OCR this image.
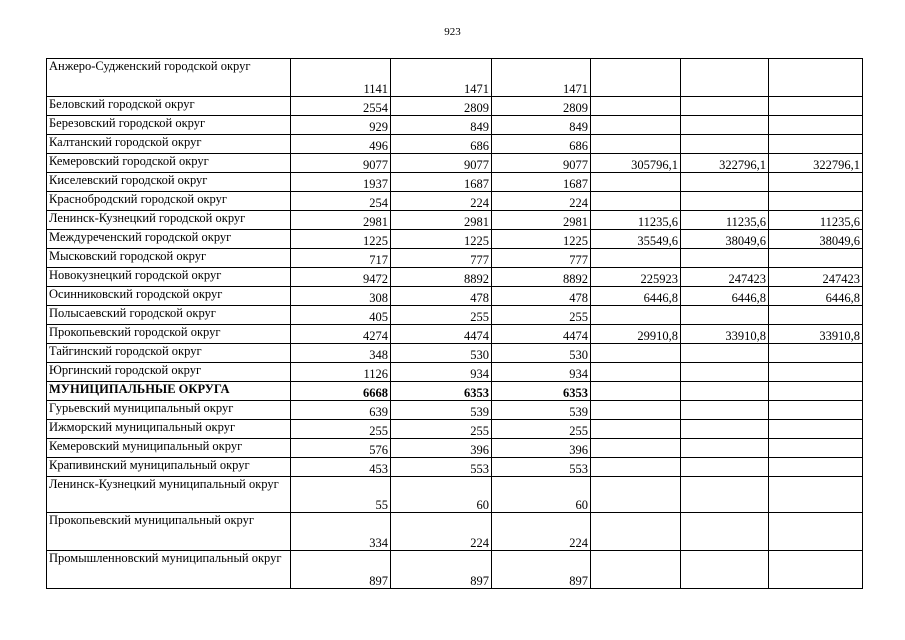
923
Анжеро-Судженский городской округ	1141	1471	1471			
Беловский городской округ	2554	2809	2809			
Березовский городской округ	929	849	849			
Калтанский городской округ	496	686	686			
Кемеровский городской округ	9077	9077	9077	305796,1	322796,1	322796,1
Киселевский городской округ	1937	1687	1687			
Краснобродский городской округ	254	224	224			
Ленинск-Кузнецкий городской округ	2981	2981	2981	11235,6	11235,6	11235,6
Междуреченский городской округ	1225	1225	1225	35549,6	38049,6	38049,6
Мысковский городской округ	717	777	777			
Новокузнецкий городской округ	9472	8892	8892	225923	247423	247423
Осинниковский городской округ	308	478	478	6446,8	6446,8	6446,8
Полысаевский городской округ	405	255	255			
Прокопьевский городской округ	4274	4474	4474	29910,8	33910,8	33910,8
Тайгинский городской округ	348	530	530			
Юргинский городской округ	1126	934	934			
МУНИЦИПАЛЬНЫЕ ОКРУГА	6668	6353	6353			
Гурьевский муниципальный округ	639	539	539			
Ижморский муниципальный округ	255	255	255			
Кемеровский муниципальный округ	576	396	396			
Крапивинский муниципальный округ	453	553	553			
Ленинск-Кузнецкий муниципальный округ	55	60	60			
Прокопьевский муниципальный округ	334	224	224			
Промышленновский муниципальный округ	897	897	897			
